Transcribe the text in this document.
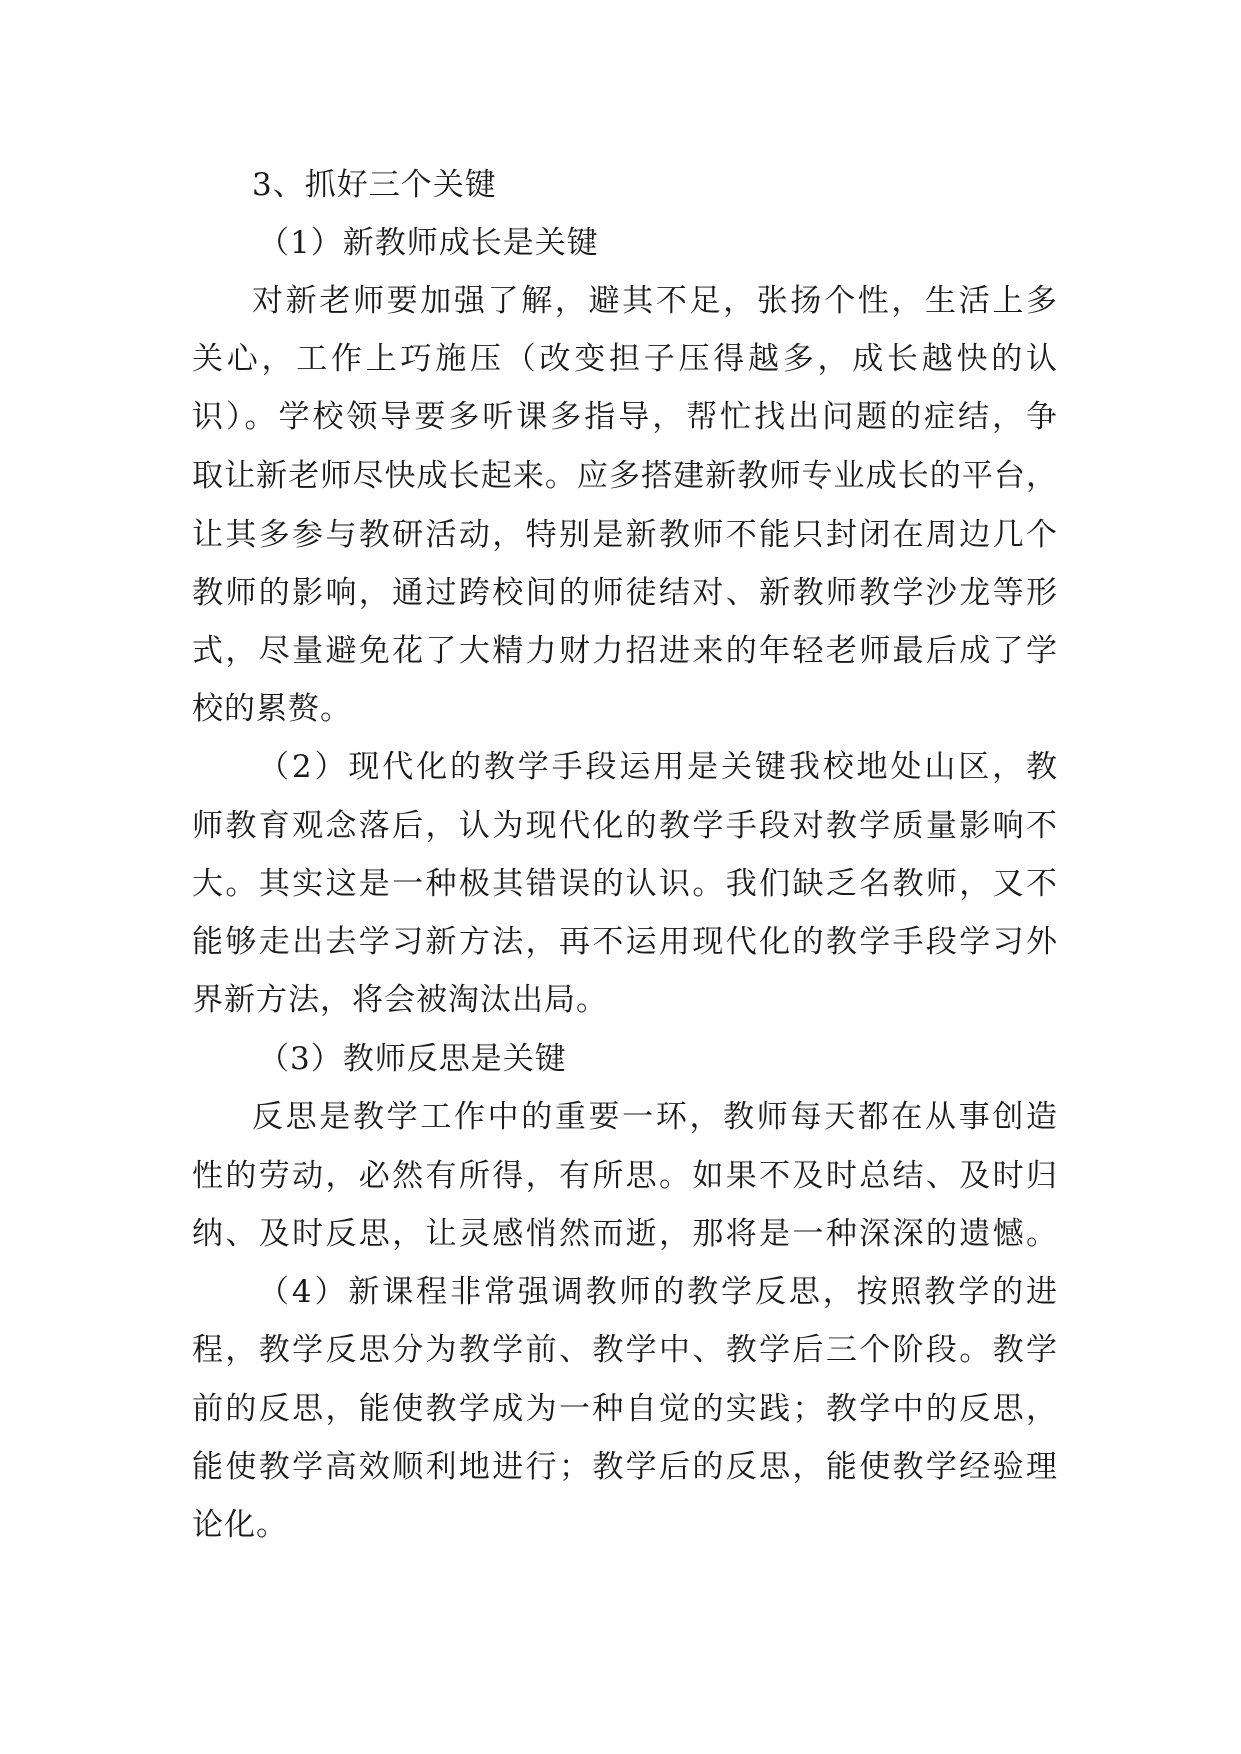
3、抓好三个关键
（1）新教师成长是关键
对新老师要加强了解，避其不足，张扬个性，生活上多
关心，工作上巧施压（改变担子压得越多，成长越快的认
识）。学校领导要多听课多指导，帮忙找出问题的症结，争
取让新老师尽快成长起来。应多搭建新教师专业成长的平台，
让其多参与教研活动，特别是新教师不能只封闭在周边几个
教师的影响，通过跨校间的师徒结对、新教师教学沙龙等形
式，尽量避免花了大精力财力招进来的年轻老师最后成了学
校的累赘。
（2）现代化的教学手段运用是关键我校地处山区，教
师教育观念落后，认为现代化的教学手段对教学质量影响不
大。其实这是一种极其错误的认识。我们缺乏名教师，又不
能够走出去学习新方法，再不运用现代化的教学手段学习外
界新方法，将会被淘汰出局。
（3）教师反思是关键
反思是教学工作中的重要一环，教师每天都在从事创造
性的劳动，必然有所得，有所思。如果不及时总结、及时归
纳、及时反思，让灵感悄然而逝，那将是一种深深的遗憾。
（4）新课程非常强调教师的教学反思，按照教学的进
程，教学反思分为教学前、教学中、教学后三个阶段。教学
前的反思，能使教学成为一种自觉的实践；教学中的反思，
能使教学高效顺利地进行；教学后的反思，能使教学经验理
论化。
